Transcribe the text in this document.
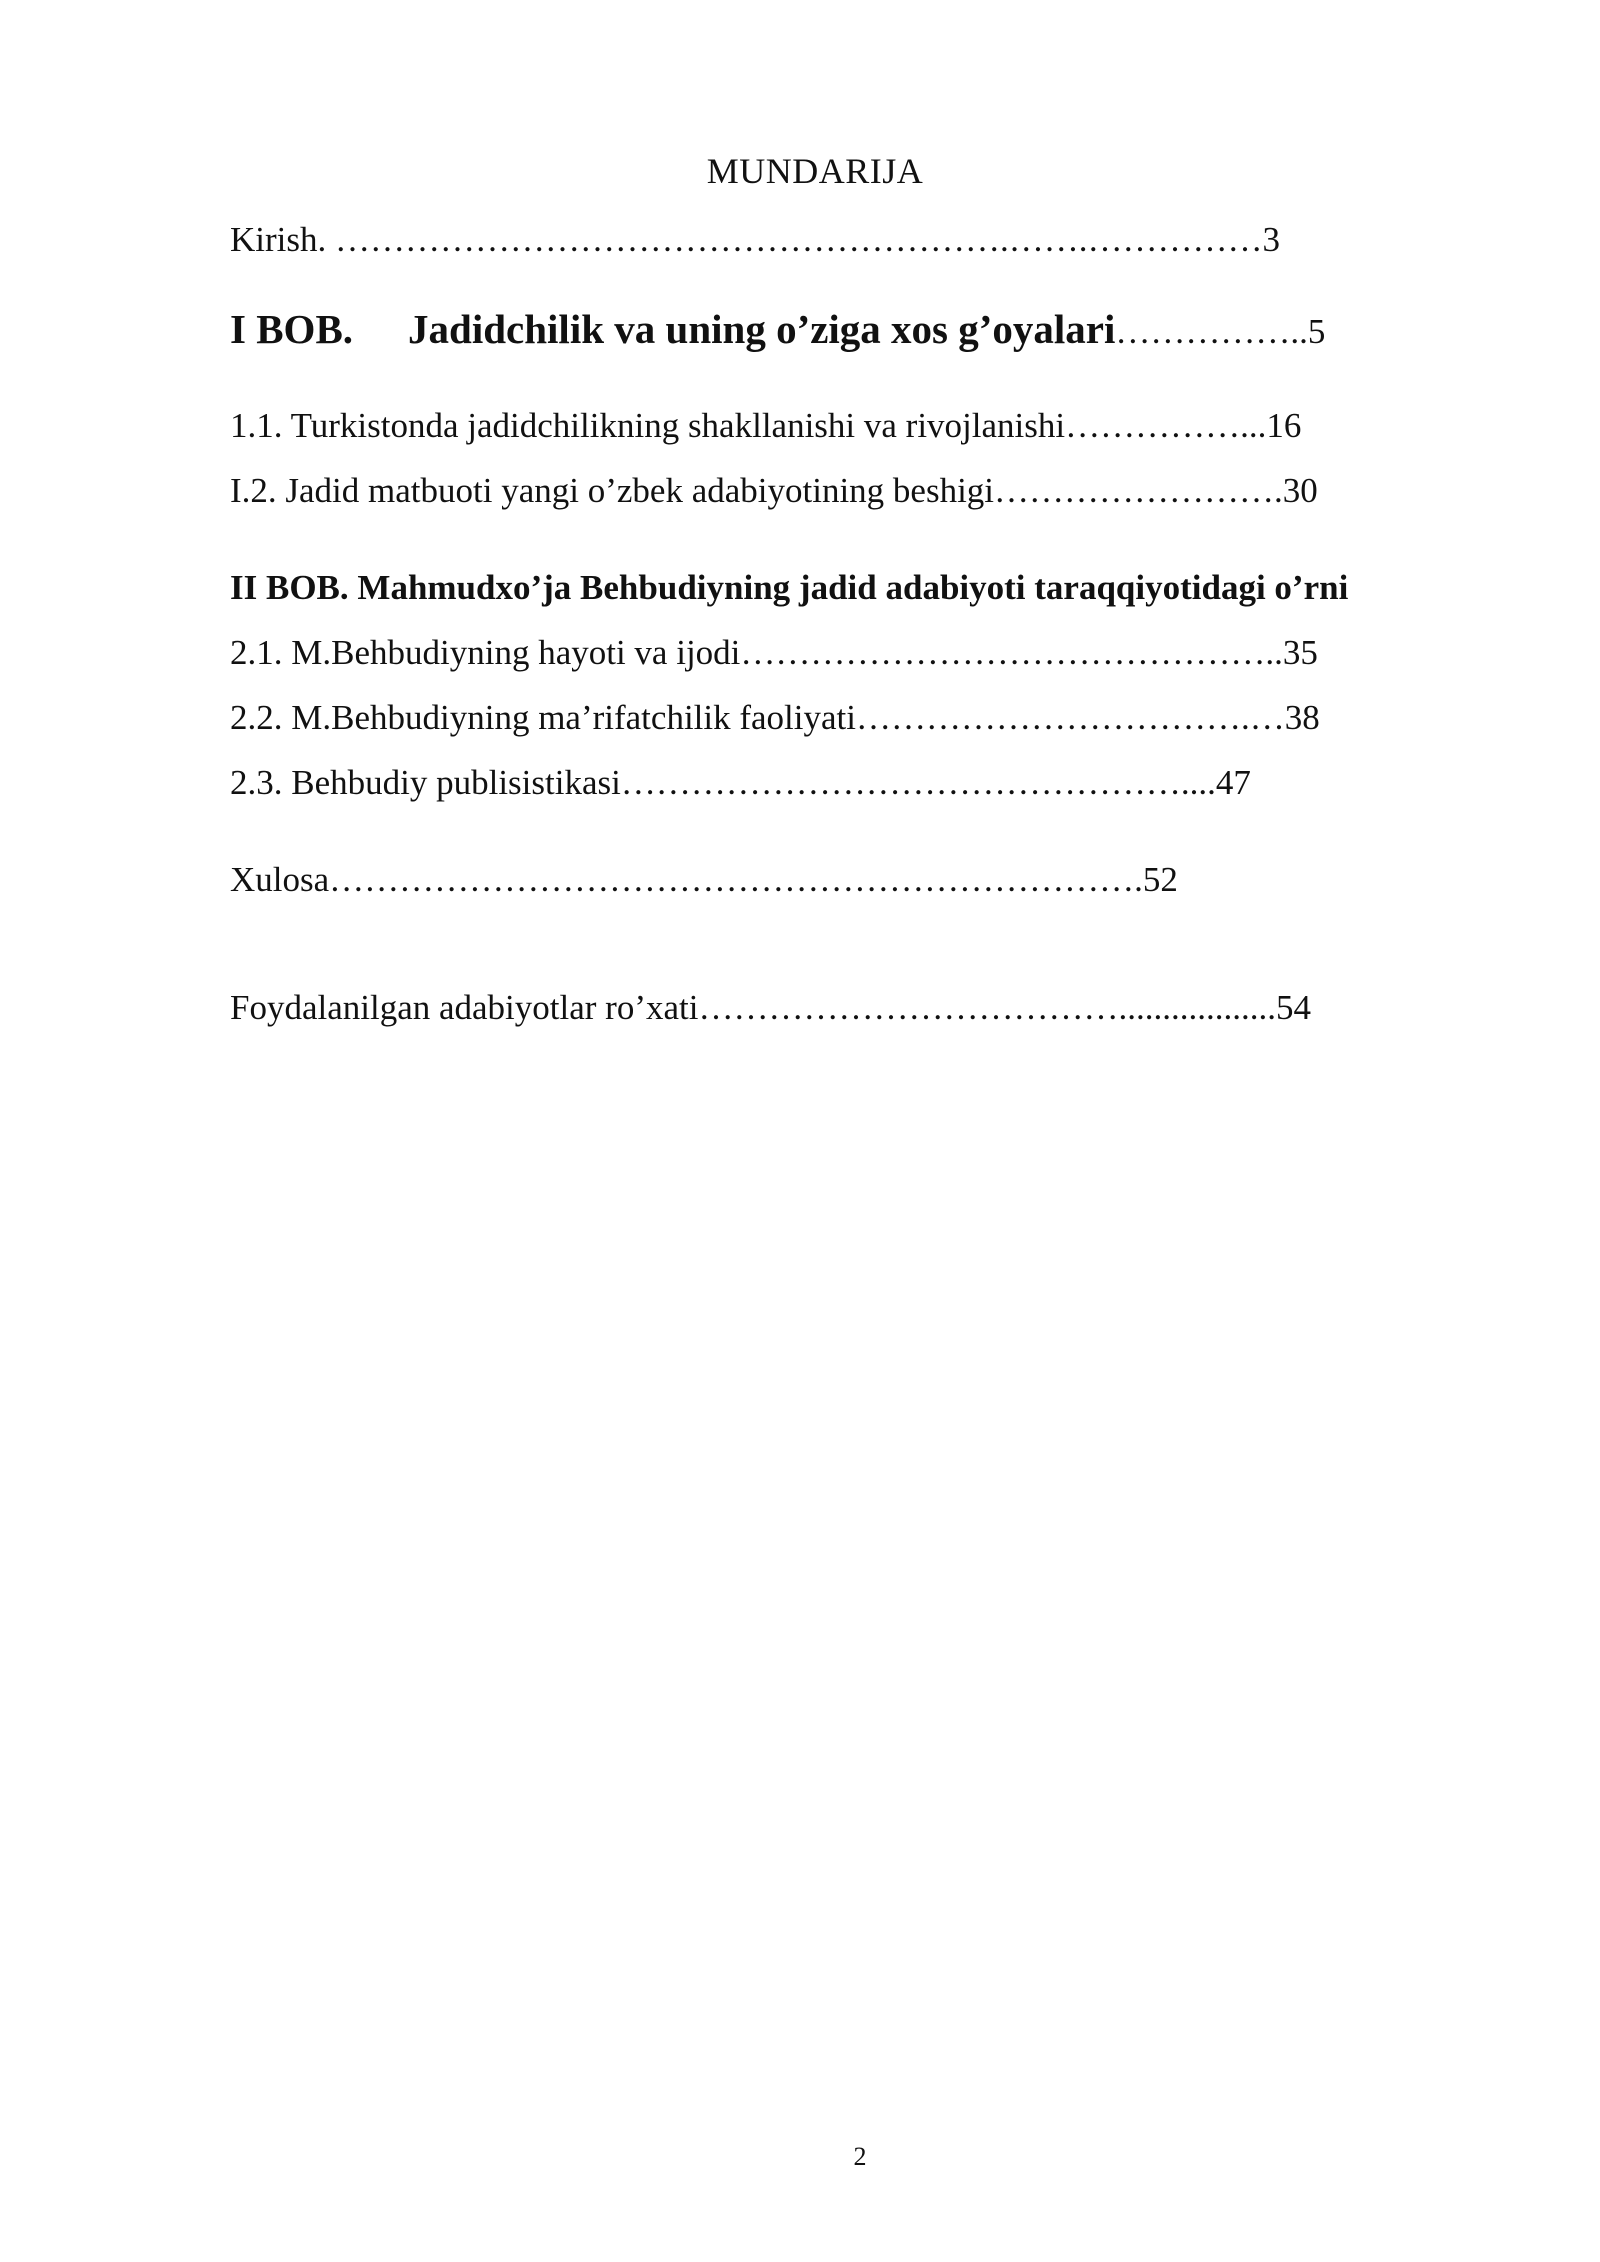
MUNDARIJA
Kirish. ………………………………………………….…….……………3
I BOB. Jadidchilik va uning o’ziga xos g’oyalari……………..5
1.1. Turkistonda jadidchilikning shakllanishi va rivojlanishi……………...16
I.2. Jadid matbuoti yangi o’zbek adabiyotining beshigi…………………….30
II BOB. Mahmudxo’ja Behbudiyning jadid adabiyoti taraqqiyotidagi o’rni
2.1. M.Behbudiyning hayoti va ijodi………………………………………..35
2.2. M.Behbudiyning ma’rifatchilik faoliyati…………………………….…38
2.3. Behbudiy publisistikasi…………………………………………....47
Xulosa…………………………………………………………….52
Foydalanilgan adabiyotlar ro’xati………………………………..................54
2
